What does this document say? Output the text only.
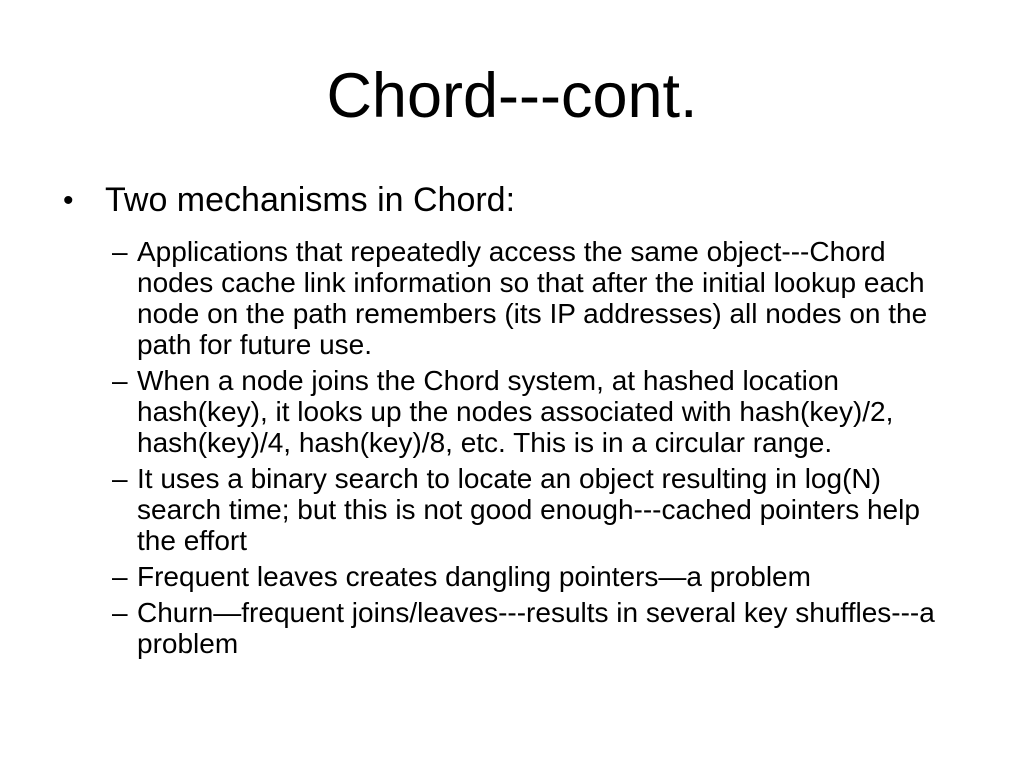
Chord---cont.
• Two mechanisms in Chord:
– Applications that repeatedly access the same object---Chord nodes cache link information so that after the initial lookup each node on the path remembers (its IP addresses) all nodes on the path for future use.
– When a node joins the Chord system, at hashed location hash(key), it looks up the nodes associated with hash(key)/2, hash(key)/4, hash(key)/8, etc. This is in a circular range.
– It uses a binary search to locate an object resulting in log(N) search time; but this is not good enough---cached pointers help the effort
– Frequent leaves creates dangling pointers—a problem
– Churn—frequent joins/leaves---results in several key shuffles---a problem
